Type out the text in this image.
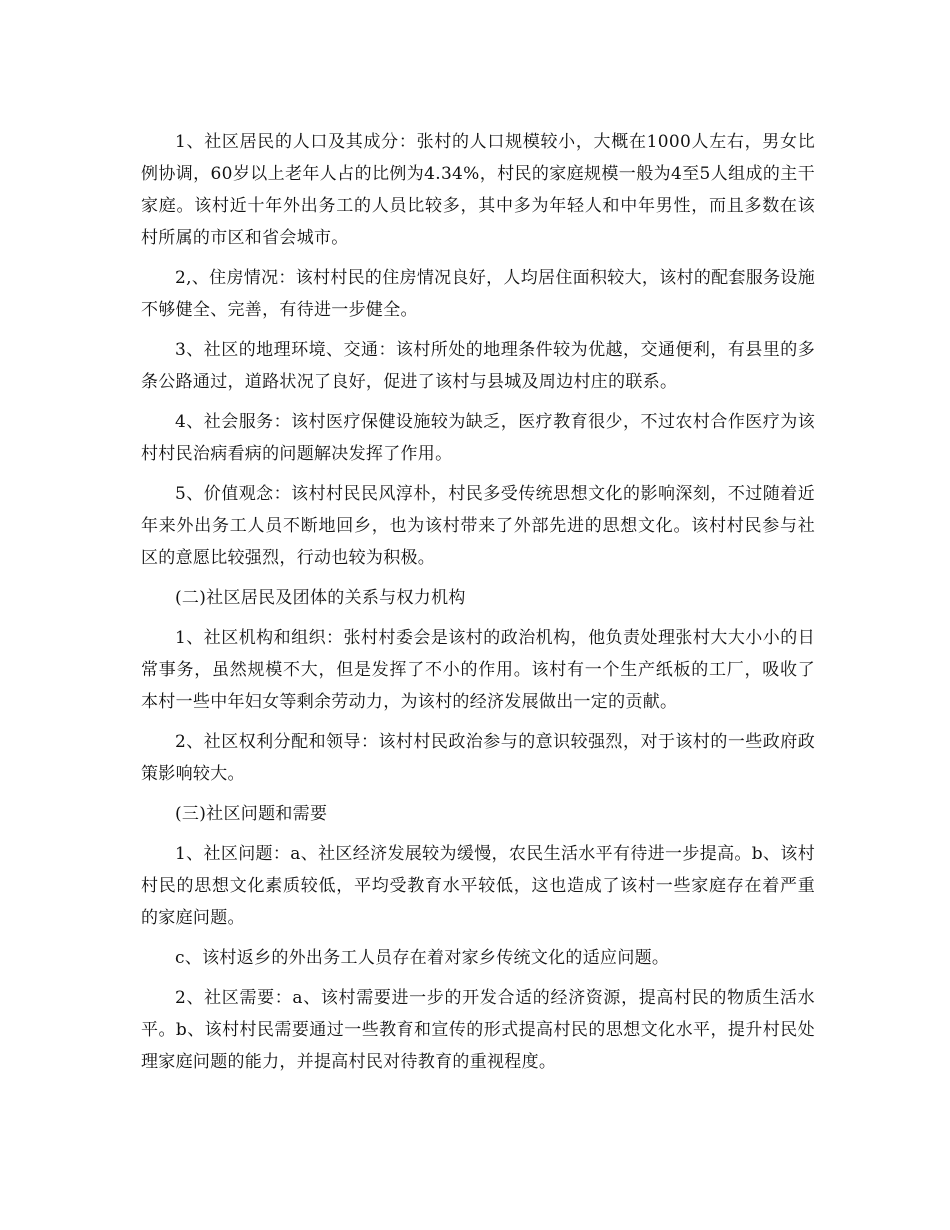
1、社区居民的人口及其成分：张村的人口规模较小，大概在1000人左右，男女比例协调，60岁以上老年人占的比例为4.34%，村民的家庭规模一般为4至5人组成的主干家庭。该村近十年外出务工的人员比较多，其中多为年轻人和中年男性，而且多数在该村所属的市区和省会城市。

2,、住房情况：该村村民的住房情况良好，人均居住面积较大，该村的配套服务设施不够健全、完善，有待进一步健全。

3、社区的地理环境、交通：该村所处的地理条件较为优越，交通便利，有县里的多条公路通过，道路状况了良好，促进了该村与县城及周边村庄的联系。

4、社会服务：该村医疗保健设施较为缺乏，医疗教育很少，不过农村合作医疗为该村村民治病看病的问题解决发挥了作用。

5、价值观念：该村村民民风淳朴，村民多受传统思想文化的影响深刻，不过随着近年来外出务工人员不断地回乡，也为该村带来了外部先进的思想文化。该村村民参与社区的意愿比较强烈，行动也较为积极。

(二)社区居民及团体的关系与权力机构

1、社区机构和组织：张村村委会是该村的政治机构，他负责处理张村大大小小的日常事务，虽然规模不大，但是发挥了不小的作用。该村有一个生产纸板的工厂，吸收了本村一些中年妇女等剩余劳动力，为该村的经济发展做出一定的贡献。

2、社区权利分配和领导：该村村民政治参与的意识较强烈，对于该村的一些政府政策影响较大。

(三)社区问题和需要

1、社区问题：a、社区经济发展较为缓慢，农民生活水平有待进一步提高。b、该村村民的思想文化素质较低，平均受教育水平较低，这也造成了该村一些家庭存在着严重的家庭问题。

c、该村返乡的外出务工人员存在着对家乡传统文化的适应问题。

2、社区需要：a、该村需要进一步的开发合适的经济资源，提高村民的物质生活水平。b、该村村民需要通过一些教育和宣传的形式提高村民的思想文化水平，提升村民处理家庭问题的能力，并提高村民对待教育的重视程度。
